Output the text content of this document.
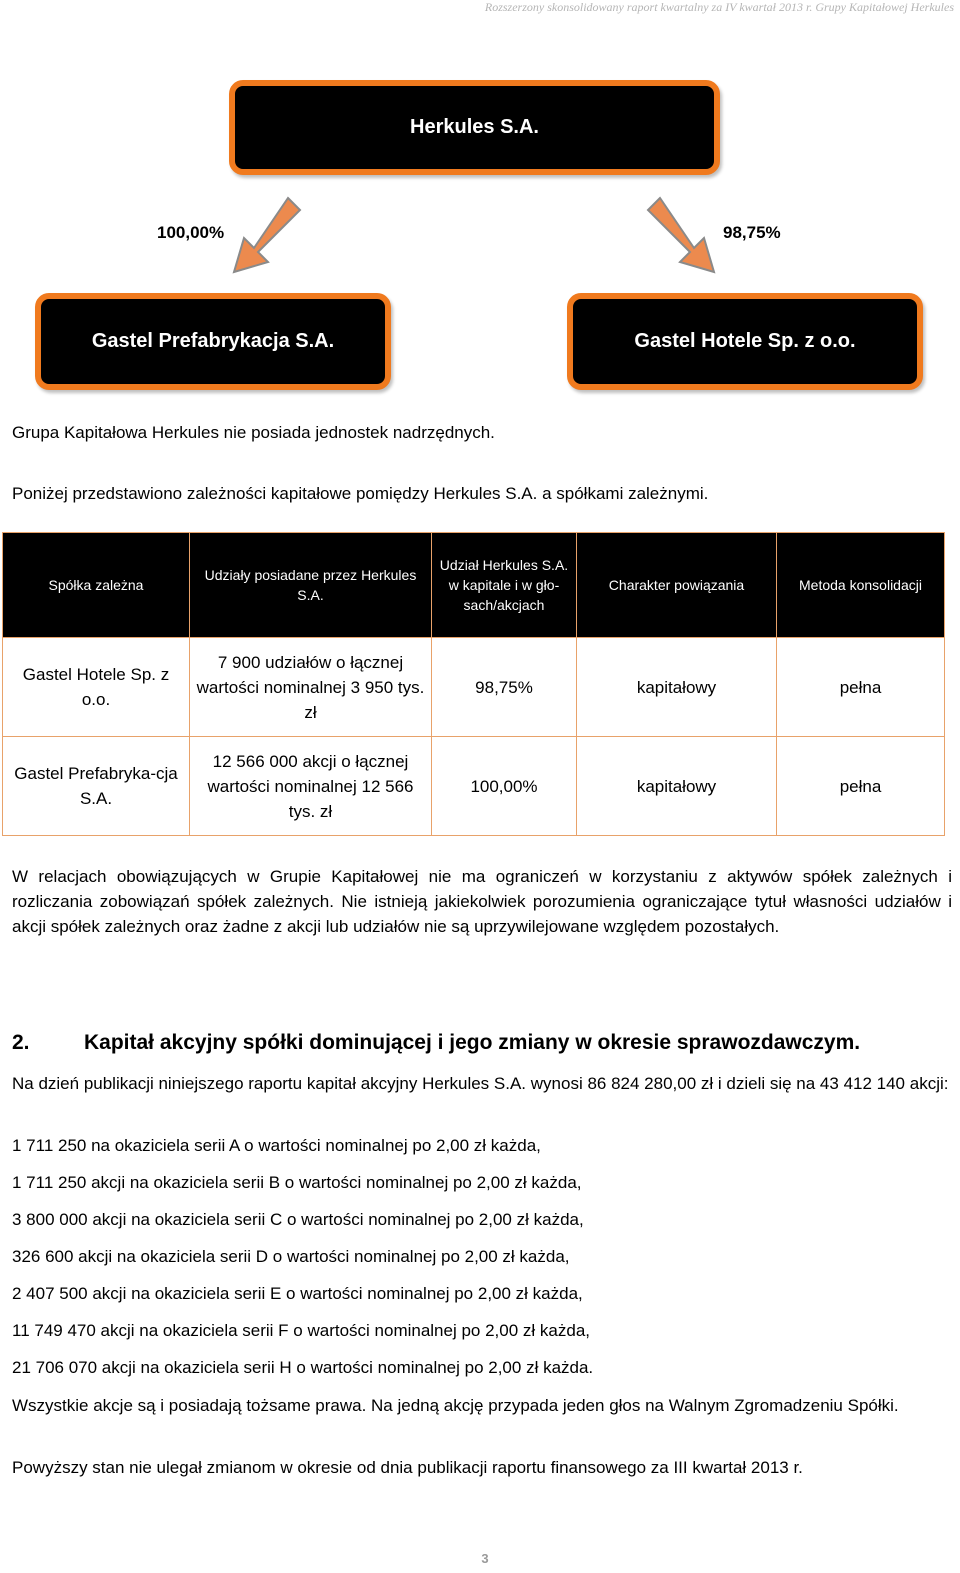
Rozszerzony skonsolidowany raport kwartalny za IV kwartał 2013 r. Grupy Kapitałowej Herkules
Herkules S.A.
100,00%	98,75%
Gastel Prefabrykacja S.A.	Gastel Hotele Sp. z o.o.

Grupa Kapitałowa Herkules nie posiada jednostek nadrzędnych.

Poniżej przedstawiono zależności kapitałowe pomiędzy Herkules S.A. a spółkami zależnymi.

Spółka zależna	Udziały posiadane przez Herkules S.A.	Udział Herkules S.A. w kapitale i w gło-sach/akcjach	Charakter powiązania	Metoda konsolidacji
Gastel Hotele Sp. z o.o.	7 900 udziałów o łącznej wartości nominalnej 3 950 tys. zł	98,75%	kapitałowy	pełna
Gastel Prefabryka-cja S.A.	12 566 000 akcji o łącznej wartości nominalnej 12 566 tys. zł	100,00%	kapitałowy	pełna

W relacjach obowiązujących w Grupie Kapitałowej nie ma ograniczeń w korzystaniu z aktywów spółek zależnych i rozliczania zobowiązań spółek zależnych. Nie istnieją jakiekolwiek porozumienia ograniczające tytuł własności udziałów i akcji spółek zależnych oraz żadne z akcji lub udziałów nie są uprzywilejowane względem pozostałych.

2.	Kapitał akcyjny spółki dominującej i jego zmiany w okresie sprawozdawczym.

Na dzień publikacji niniejszego raportu kapitał akcyjny Herkules S.A. wynosi 86 824 280,00 zł i dzieli się na 43 412 140 akcji:

1 711 250 na okaziciela serii A o wartości nominalnej po 2,00 zł każda,

1 711 250 akcji na okaziciela serii B o wartości nominalnej po 2,00 zł każda,

3 800 000 akcji na okaziciela serii C o wartości nominalnej po 2,00 zł każda,

326 600 akcji na okaziciela serii D o wartości nominalnej po 2,00 zł każda,

2 407 500 akcji na okaziciela serii E o wartości nominalnej po 2,00 zł każda,

11 749 470 akcji na okaziciela serii F o wartości nominalnej po 2,00 zł każda,

21 706 070 akcji na okaziciela serii H o wartości nominalnej po 2,00 zł każda.

Wszystkie akcje są i posiadają tożsame prawa. Na jedną akcję przypada jeden głos na Walnym Zgromadzeniu Spółki.

Powyższy stan nie ulegał zmianom w okresie od dnia publikacji raportu finansowego za III kwartał 2013 r.

3
